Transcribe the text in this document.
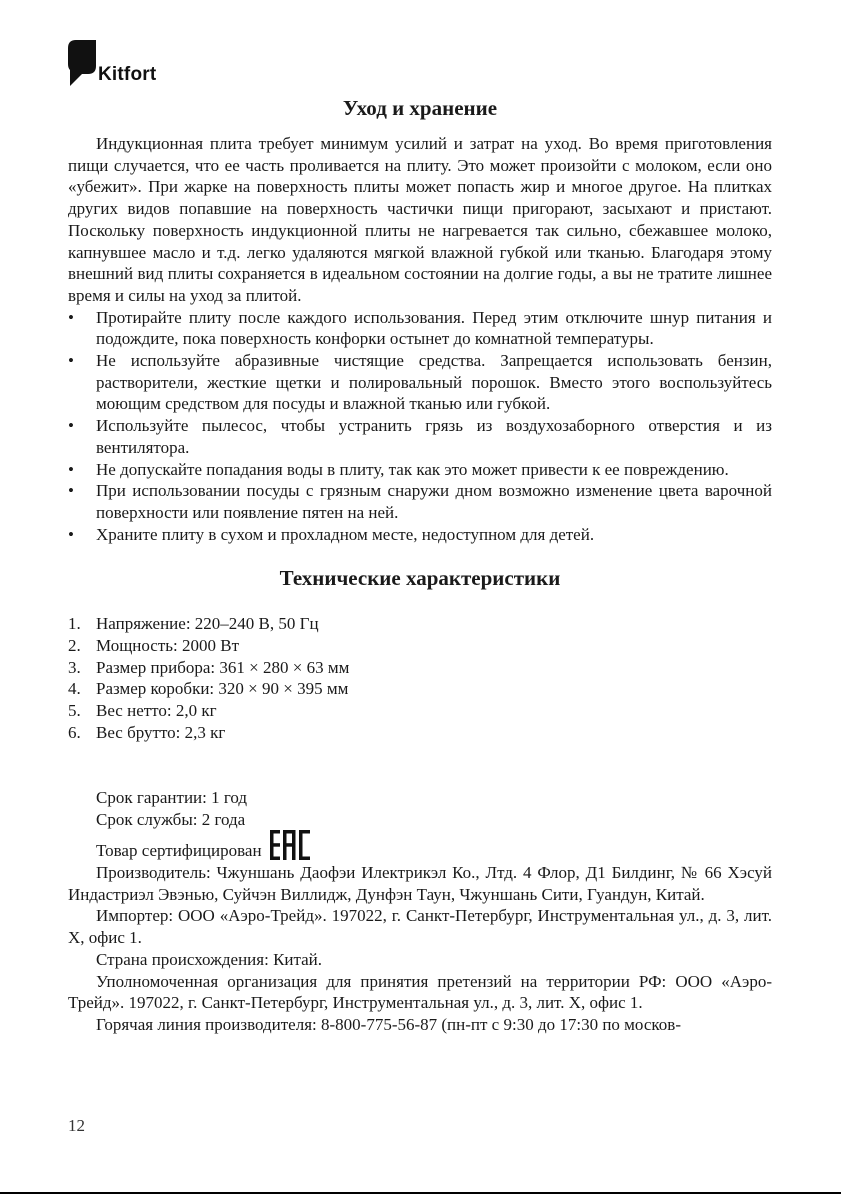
Kitfort
Уход и хранение

Индукционная плита требует минимум усилий и затрат на уход. Во время приготовления пищи случается, что ее часть проливается на плиту. Это может произойти с молоком, если оно «убежит». При жарке на поверхность плиты может попасть жир и многое другое. На плитках других видов попавшие на поверхность частички пищи пригорают, засыхают и пристают. Поскольку поверхность индукционной плиты не нагревается так сильно, сбежавшее молоко, капнувшее масло и т.д. легко удаляются мягкой влажной губкой или тканью. Благодаря этому внешний вид плиты сохраняется в идеальном состоянии на долгие годы, а вы не тратите лишнее время и силы на уход за плитой.

• Протирайте плиту после каждого использования. Перед этим отключите шнур питания и подождите, пока поверхность конфорки остынет до комнатной температуры.
• Не используйте абразивные чистящие средства. Запрещается использовать бензин, растворители, жесткие щетки и полировальный порошок. Вместо этого воспользуйтесь моющим средством для посуды и влажной тканью или губкой.
• Используйте пылесос, чтобы устранить грязь из воздухозаборного отверстия и из вентилятора.
• Не допускайте попадания воды в плиту, так как это может привести к ее повреждению.
• При использовании посуды с грязным снаружи дном возможно изменение цвета варочной поверхности или появление пятен на ней.
• Храните плиту в сухом и прохладном месте, недоступном для детей.
Технические характеристики
1. Напряжение: 220–240 В, 50 Гц
2. Мощность: 2000 Вт
3. Размер прибора: 361 × 280 × 63 мм
4. Размер коробки: 320 × 90 × 395 мм
5. Вес нетто: 2,0 кг
6. Вес брутто: 2,3 кг

Срок гарантии: 1 год

Срок службы: 2 года

Товар сертифицирован

Производитель: Чжуншань Даофэи Илектрикэл Ко., Лтд. 4 Флор, Д1 Билдинг, № 66 Хэсуй Индастриэл Эвэнью, Суйчэн Виллидж, Дунфэн Таун, Чжуншань Сити, Гуандун, Китай.

Импортер: ООО «Аэро-Трейд». 197022, г. Санкт-Петербург, Инструментальная ул., д. 3, лит. Х, офис 1.

Страна происхождения: Китай.

Уполномоченная организация для принятия претензий на территории РФ: ООО «Аэро-Трейд». 197022, г. Санкт-Петербург, Инструментальная ул., д. 3, лит. Х, офис 1.

Горячая линия производителя: 8-800-775-56-87 (пн-пт с 9:30 до 17:30 по москов-

12
